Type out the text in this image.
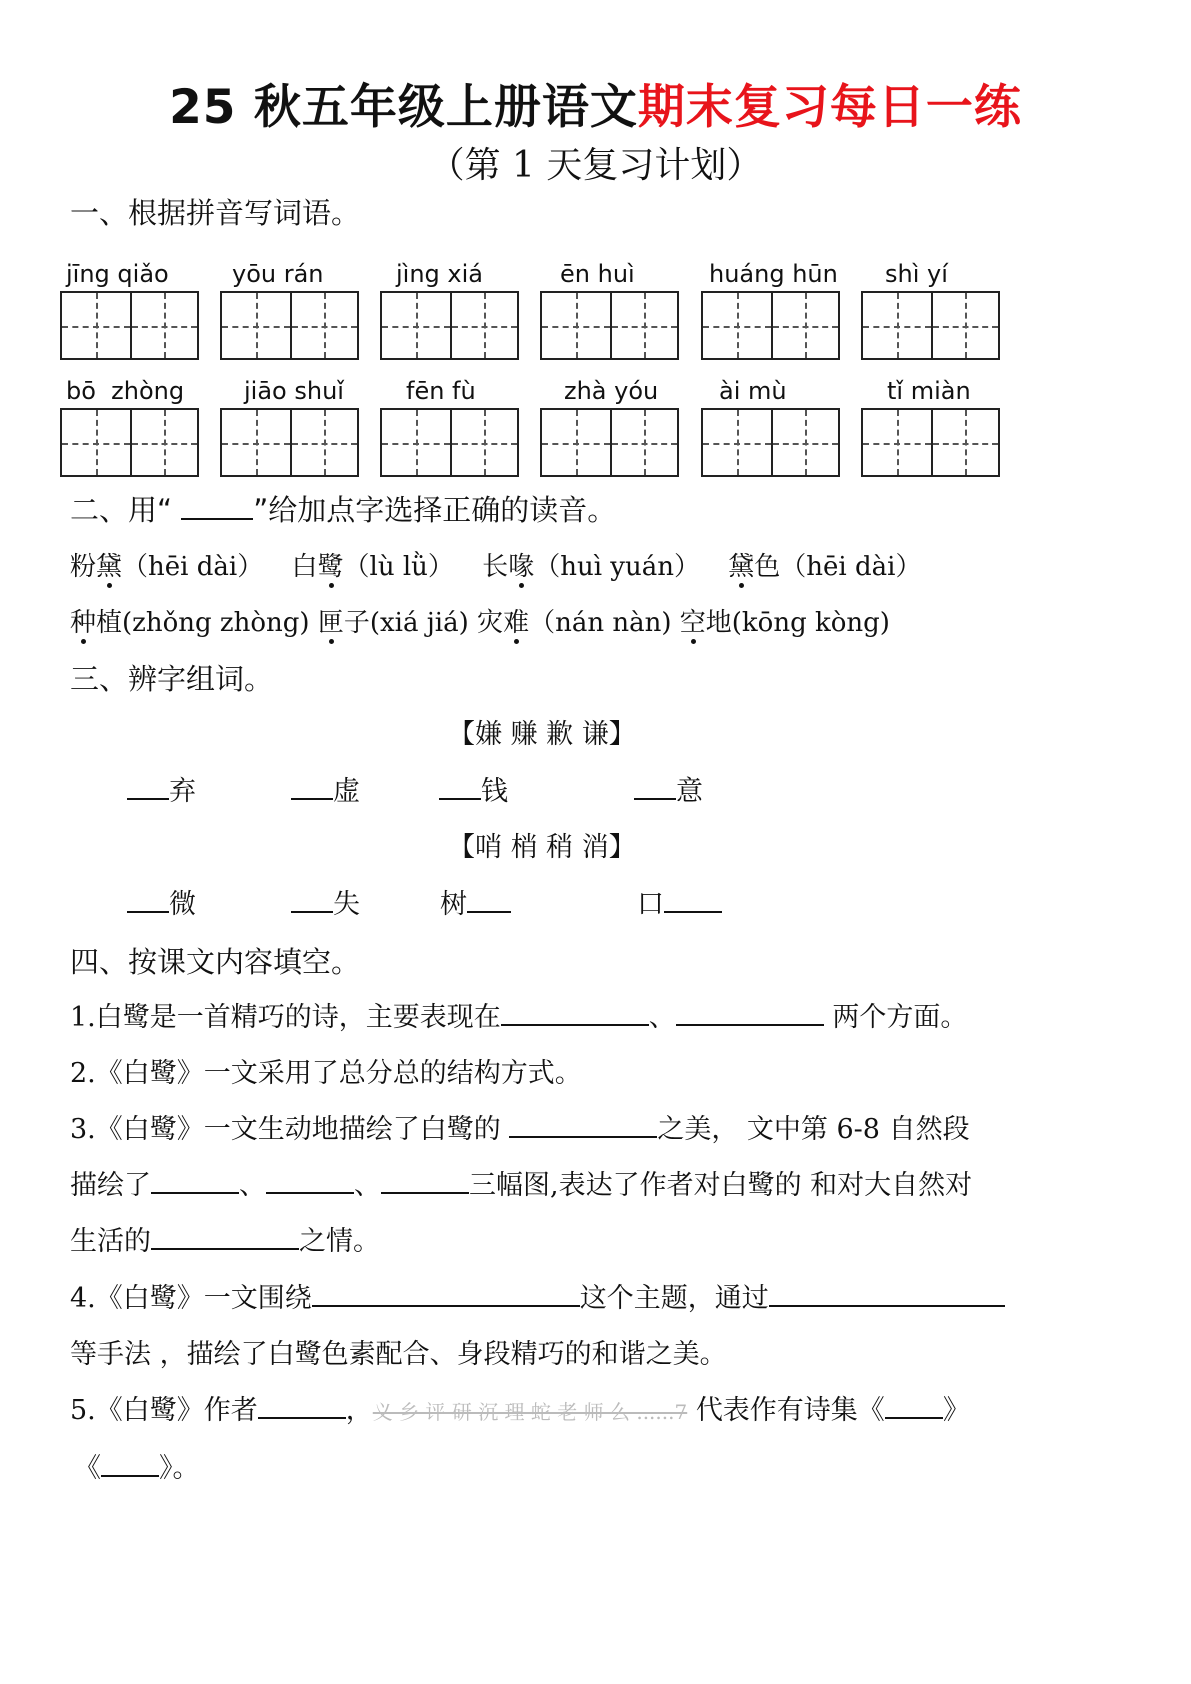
25 秋五年级上册语文期末复习每日一练
（第 1 天复习计划）
一、根据拼音写词语。
jīng qiǎo	yōu rán	jìng xiá	ēn huì	huáng hūn	shì yí
bō  zhòng	jiāo shuǐ	fēn fù	zhà yóu	ài mù	tǐ miàn
二、用“	”给加点字选择正确的读音。
粉黛（hēi dài） 白鹭（lù lǜ） 长喙（huì yuán） 黛色（hēi dài）
种植(zhǒng zhòng) 匣子(xiá jiá) 灾难（nán nàn) 空地(kōng kòng)
三、辨字组词。
【嫌 赚 歉 谦】
弃	虚	钱	意
【哨 梢 稍 消】
微	失	树	口
四、按课文内容填空。
1.白鹭是一首精巧的诗，主要表现在	、	两个方面。
2.《白鹭》一文采用了总分总的结构方式。
3.《白鹭》一文生动地描绘了白鹭的	之美， 文中第 6-8 自然段
描绘了	、	、	三幅图,表达了作者对白鹭的 和对大自然对
生活的	之情。
4.《白鹭》一文围绕	这个主题，通过
等手法 ，描绘了白鹭色素配合、身段精巧的和谐之美。
5.《白鹭》作者	，义 乡 评 研 沉 理 蛇 老 师 么 ......7 代表作有诗集《 》
《 》。
